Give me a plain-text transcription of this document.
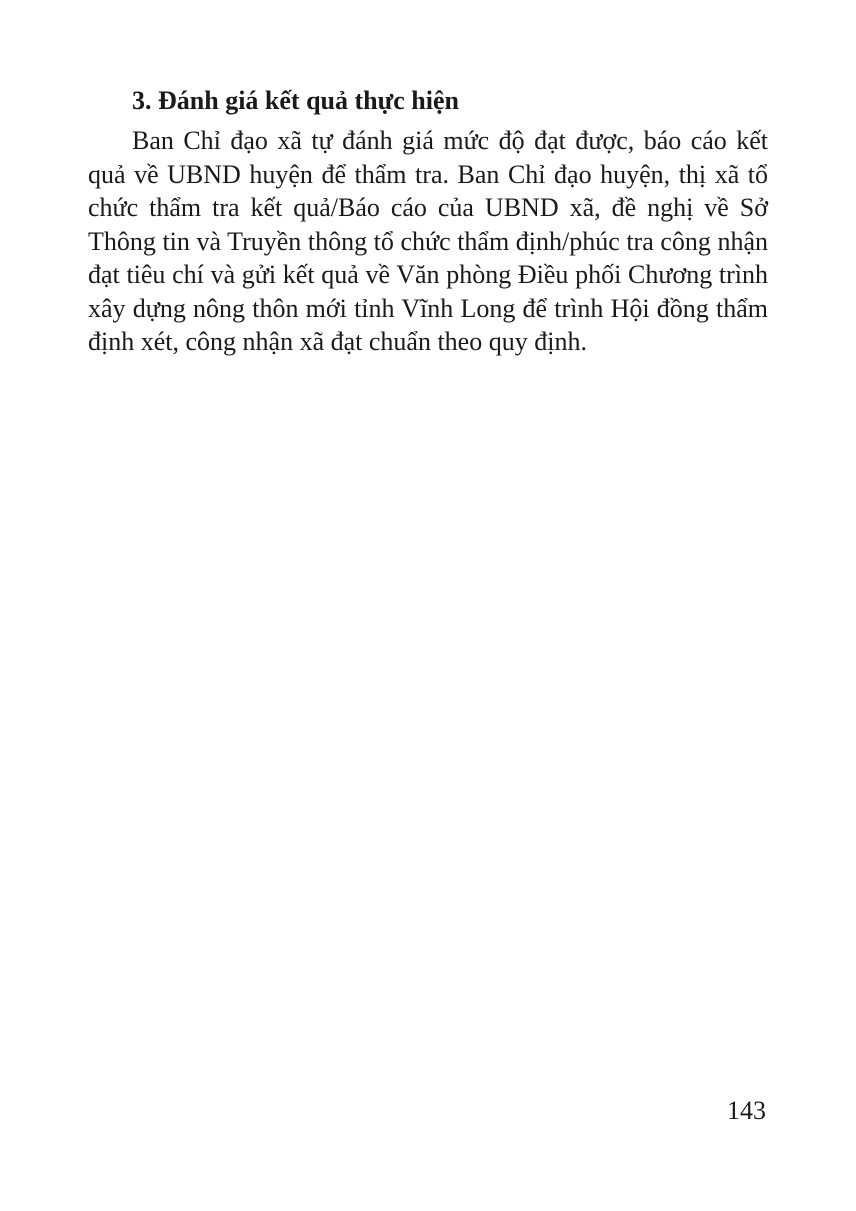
3. Đánh giá kết quả thực hiện

Ban Chỉ đạo xã tự đánh giá mức độ đạt được, báo cáo kết quả về UBND huyện để thẩm tra. Ban Chỉ đạo huyện, thị xã tổ chức thẩm tra kết quả/Báo cáo của UBND xã, đề nghị về Sở Thông tin và Truyền thông tổ chức thẩm định/phúc tra công nhận đạt tiêu chí và gửi kết quả về Văn phòng Điều phối Chương trình xây dựng nông thôn mới tỉnh Vĩnh Long để trình Hội đồng thẩm định xét, công nhận xã đạt chuẩn theo quy định.

143
